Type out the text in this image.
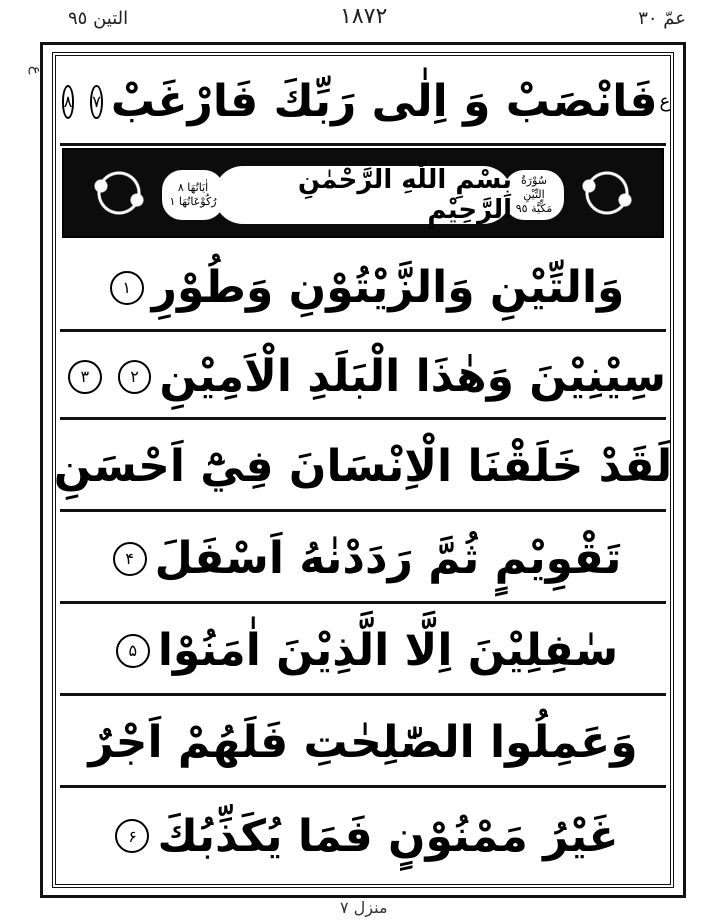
عمّ ٣٠
۱۸۷۲
التين ٩٥
ع
ع
فَانْصَبْ وَ اِلٰى رَبِّكَ فَارْغَبْ
۷
۸
سُوْرَةُ
التِّيْنِ
مَكِّيَّة ٩٥
بِسْمِ اللّٰهِ الرَّحْمٰنِ الرَّحِيْمِ
اٰيَاتُهَا ٨
رُكُوْعَاتُهَا ١
وَالتِّيْنِ وَالزَّيْتُوْنِ وَطُوْرِ
۱
سِيْنِيْنَ وَهٰذَا الْبَلَدِ الْاَمِيْنِ
۲
۳
لَقَدْ خَلَقْنَا الْاِنْسَانَ فِيْٓ اَحْسَنِ
تَقْوِيْمٍ ثُمَّ رَدَدْنٰهُ اَسْفَلَ
۴
سٰفِلِيْنَ اِلَّا الَّذِيْنَ اٰمَنُوْا
۵
وَعَمِلُوا الصّٰلِحٰتِ فَلَهُمْ اَجْرٌ
غَيْرُ مَمْنُوْنٍ فَمَا يُكَذِّبُكَ
۶
منزل ۷
